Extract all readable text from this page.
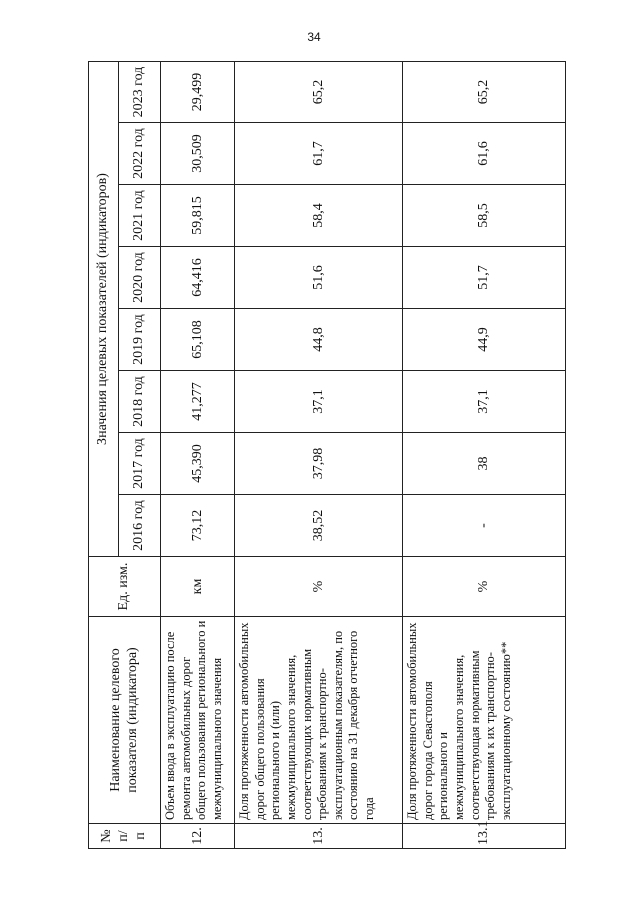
34
№ п/п	Наименование целевого показателя (индикатора)	Ед. изм.	Значения целевых показателей (индикаторов)							
			2016 год	2017 год	2018 год	2019 год	2020 год	2021 год	2022 год	2023 год
12.	Объем ввода в эксплуатацию после ремонта автомобильных дорог общего пользования регионального и межмуниципального значения	км	73,12	45,390	41,277	65,108	64,416	59,815	30,509	29,499
13.	Доля протяженности автомобильных дорог общего пользования регионального и (или) межмуниципального значения, соответствующих нормативным требованиям к транспортно-эксплуатационным показателям, по состоянию на 31 декабря отчетного года	%	38,52	37,98	37,1	44,8	51,6	58,4	61,7	65,2
13.1	Доля протяженности автомобильных дорог города Севастополя регионального и межмуниципального значения, соответствующая нормативным требованиям к их транспортно-эксплуатационному состоянию**	%	-	38	37,1	44,9	51,7	58,5	61,6	65,2
